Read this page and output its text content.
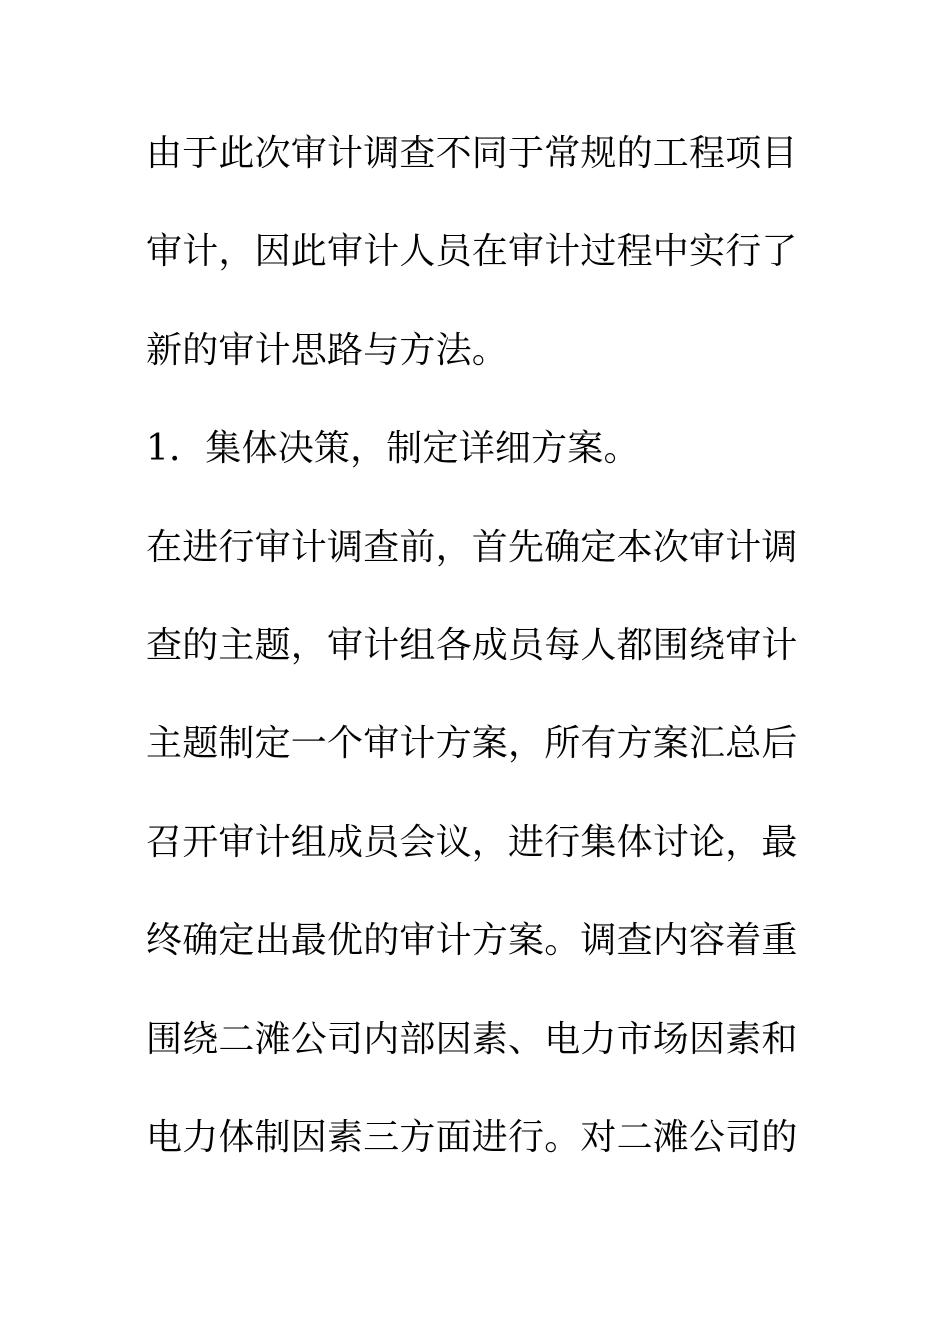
由于此次审计调查不同于常规的工程项目
审计，因此审计人员在审计过程中实行了
新的审计思路与方法。
1．集体决策，制定详细方案。
在进行审计调查前，首先确定本次审计调
查的主题，审计组各成员每人都围绕审计
主题制定一个审计方案，所有方案汇总后
召开审计组成员会议，进行集体讨论，最
终确定出最优的审计方案。调查内容着重
围绕二滩公司内部因素、电力市场因素和
电力体制因素三方面进行。对二滩公司的
